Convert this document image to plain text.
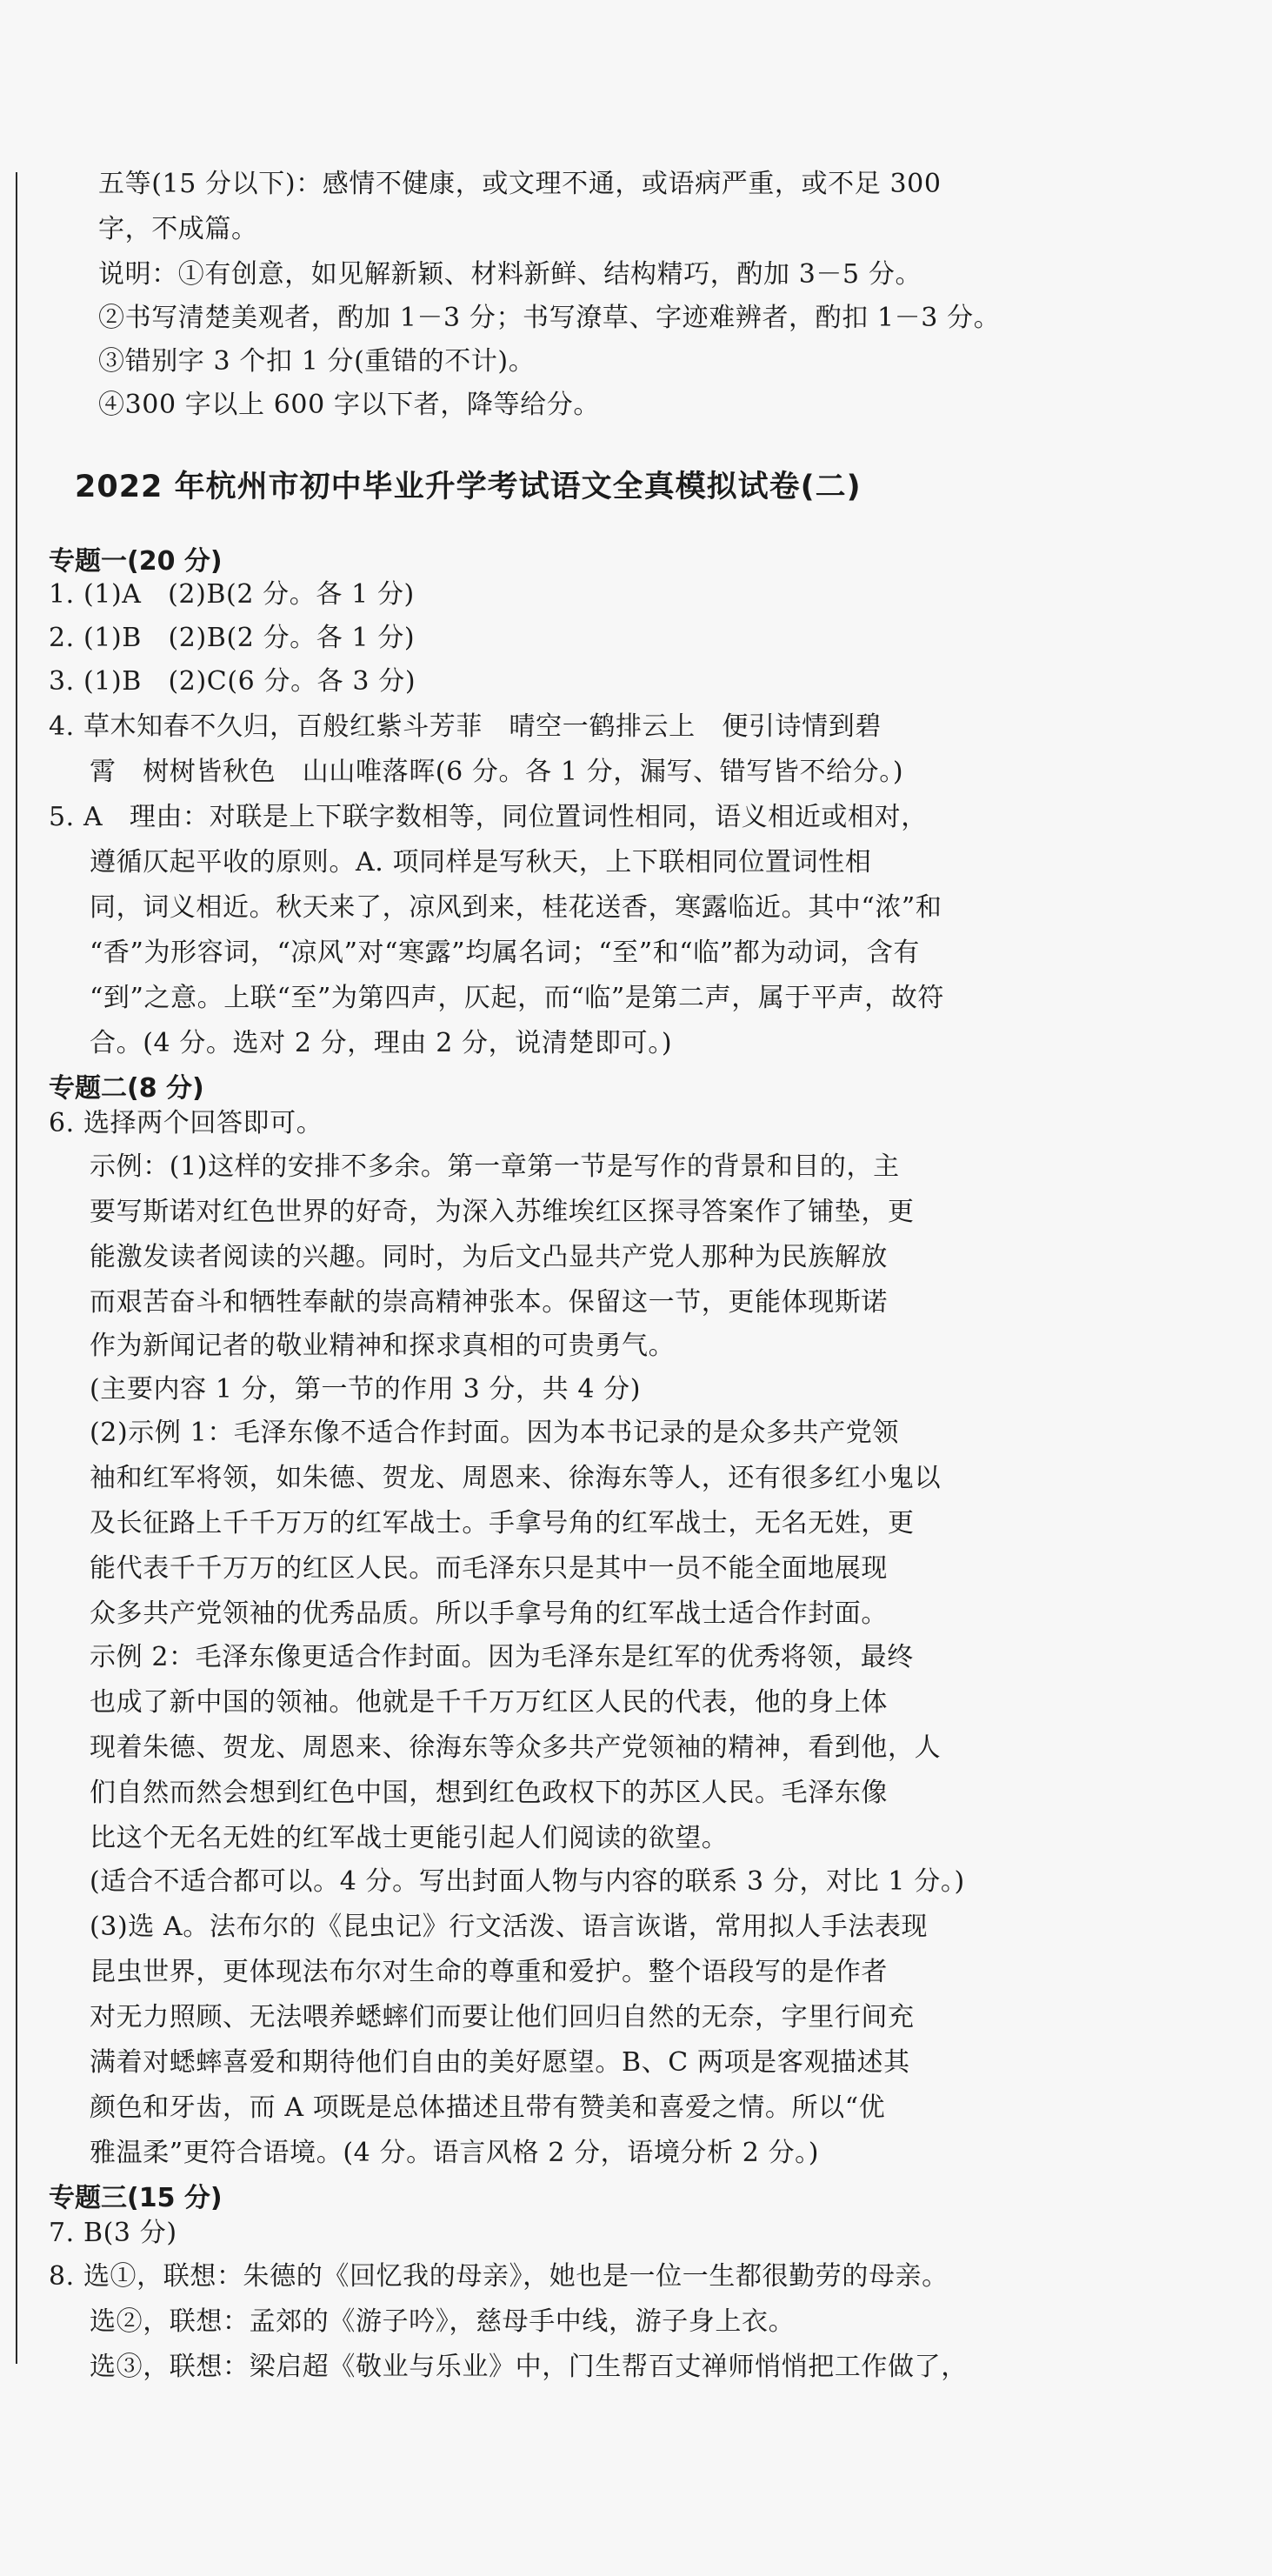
五等(15 分以下)：感情不健康，或文理不通，或语病严重，或不足 300
字，不成篇。
说明：①有创意，如见解新颖、材料新鲜、结构精巧，酌加 3－5 分。
②书写清楚美观者，酌加 1－3 分；书写潦草、字迹难辨者，酌扣 1－3 分。
③错别字 3 个扣 1 分(重错的不计)。
④300 字以上 600 字以下者，降等给分。
2022 年杭州市初中毕业升学考试语文全真模拟试卷(二)
专题一(20 分)
1. (1)A　(2)B(2 分。各 1 分)
2. (1)B　(2)B(2 分。各 1 分)
3. (1)B　(2)C(6 分。各 3 分)
4. 草木知春不久归，百般红紫斗芳菲　晴空一鹤排云上　便引诗情到碧
霄　树树皆秋色　山山唯落晖(6 分。各 1 分，漏写、错写皆不给分。)
5. A　理由：对联是上下联字数相等，同位置词性相同，语义相近或相对，
遵循仄起平收的原则。A. 项同样是写秋天，上下联相同位置词性相
同，词义相近。秋天来了，凉风到来，桂花送香，寒露临近。其中“浓”和
“香”为形容词，“凉风”对“寒露”均属名词；“至”和“临”都为动词，含有
“到”之意。上联“至”为第四声，仄起，而“临”是第二声，属于平声，故符
合。(4 分。选对 2 分，理由 2 分，说清楚即可。)
专题二(8 分)
6. 选择两个回答即可。
示例：(1)这样的安排不多余。第一章第一节是写作的背景和目的，主
要写斯诺对红色世界的好奇，为深入苏维埃红区探寻答案作了铺垫，更
能激发读者阅读的兴趣。同时，为后文凸显共产党人那种为民族解放
而艰苦奋斗和牺牲奉献的崇高精神张本。保留这一节，更能体现斯诺
作为新闻记者的敬业精神和探求真相的可贵勇气。
(主要内容 1 分，第一节的作用 3 分，共 4 分)
(2)示例 1：毛泽东像不适合作封面。因为本书记录的是众多共产党领
袖和红军将领，如朱德、贺龙、周恩来、徐海东等人，还有很多红小鬼以
及长征路上千千万万的红军战士。手拿号角的红军战士，无名无姓，更
能代表千千万万的红区人民。而毛泽东只是其中一员不能全面地展现
众多共产党领袖的优秀品质。所以手拿号角的红军战士适合作封面。
示例 2：毛泽东像更适合作封面。因为毛泽东是红军的优秀将领，最终
也成了新中国的领袖。他就是千千万万红区人民的代表，他的身上体
现着朱德、贺龙、周恩来、徐海东等众多共产党领袖的精神，看到他，人
们自然而然会想到红色中国，想到红色政权下的苏区人民。毛泽东像
比这个无名无姓的红军战士更能引起人们阅读的欲望。
(适合不适合都可以。4 分。写出封面人物与内容的联系 3 分，对比 1 分。)
(3)选 A。法布尔的《昆虫记》行文活泼、语言诙谐，常用拟人手法表现
昆虫世界，更体现法布尔对生命的尊重和爱护。整个语段写的是作者
对无力照顾、无法喂养蟋蟀们而要让他们回归自然的无奈，字里行间充
满着对蟋蟀喜爱和期待他们自由的美好愿望。B、C 两项是客观描述其
颜色和牙齿，而 A 项既是总体描述且带有赞美和喜爱之情。所以“优
雅温柔”更符合语境。(4 分。语言风格 2 分，语境分析 2 分。)
专题三(15 分)
7. B(3 分)
8. 选①，联想：朱德的《回忆我的母亲》，她也是一位一生都很勤劳的母亲。
选②，联想：孟郊的《游子吟》，慈母手中线，游子身上衣。
选③，联想：梁启超《敬业与乐业》中，门生帮百丈禅师悄悄把工作做了，
